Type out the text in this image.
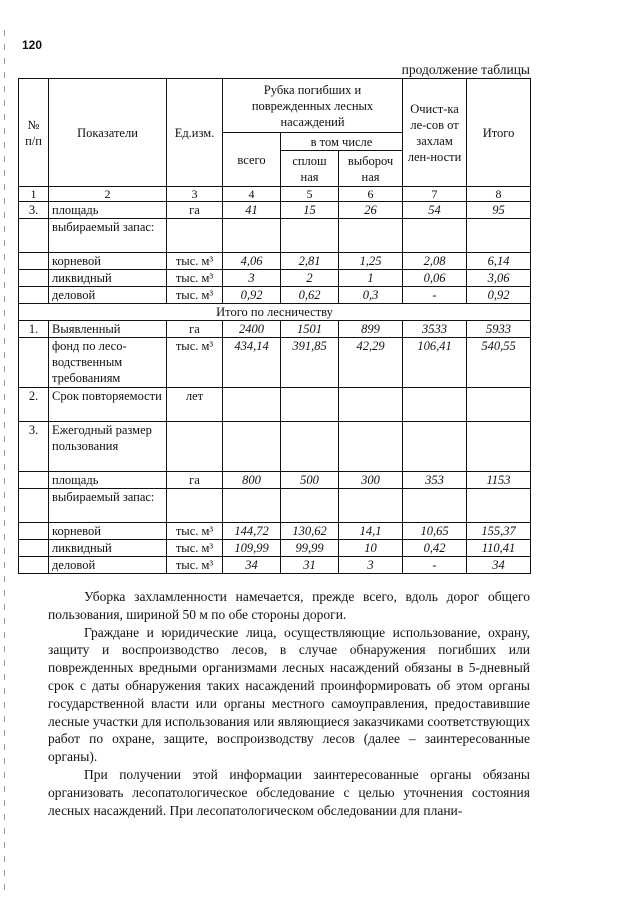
120
продолжение таблицы
№ п/п	Показатели	Ед.изм.	Рубка погибших и поврежденных лесных насаждений			Очист-ка ле-сов от захлам лен-ности	Итого
			всего	в том числе			
				сплош ная	выбороч ная		
1	2	3	4	5	6	7	8
3.	площадь	га	41	15	26	54	95
	выбираемый запас:						
	корневой	тыс. м³	4,06	2,81	1,25	2,08	6,14
	ликвидный	тыс. м³	3	2	1	0,06	3,06
	деловой	тыс. м³	0,92	0,62	0,3	-	0,92
Итого по лесничеству							
1.	Выявленный	га	2400	1501	899	3533	5933
	фонд по лесо-водственным требованиям	тыс. м³	434,14	391,85	42,29	106,41	540,55
2.	Срок повторяемости	лет					
3.	Ежегодный размер пользования						
	площадь	га	800	500	300	353	1153
	выбираемый запас:						
	корневой	тыс. м³	144,72	130,62	14,1	10,65	155,37
	ликвидный	тыс. м³	109,99	99,99	10	0,42	110,41
	деловой	тыс. м³	34	31	3	-	34

Уборка захламленности намечается, прежде всего, вдоль дорог общего пользования, шириной 50 м по обе стороны дороги.

Граждане и юридические лица, осуществляющие использование, охрану, защиту и воспроизводство лесов, в случае обнаружения погибших или поврежденных вредными организмами лесных насаждений обязаны в 5-дневный срок с даты обнаружения таких насаждений проинформировать об этом органы государственной власти или органы местного самоуправления, предоставившие лесные участки для использования или являющиеся заказчиками соответствующих работ по охране, защите, воспроизводству лесов (далее – заинтересованные органы).

При получении этой информации заинтересованные органы обязаны организовать лесопатологическое обследование с целью уточнения состояния лесных насаждений. При лесопатологическом обследовании для плани-
